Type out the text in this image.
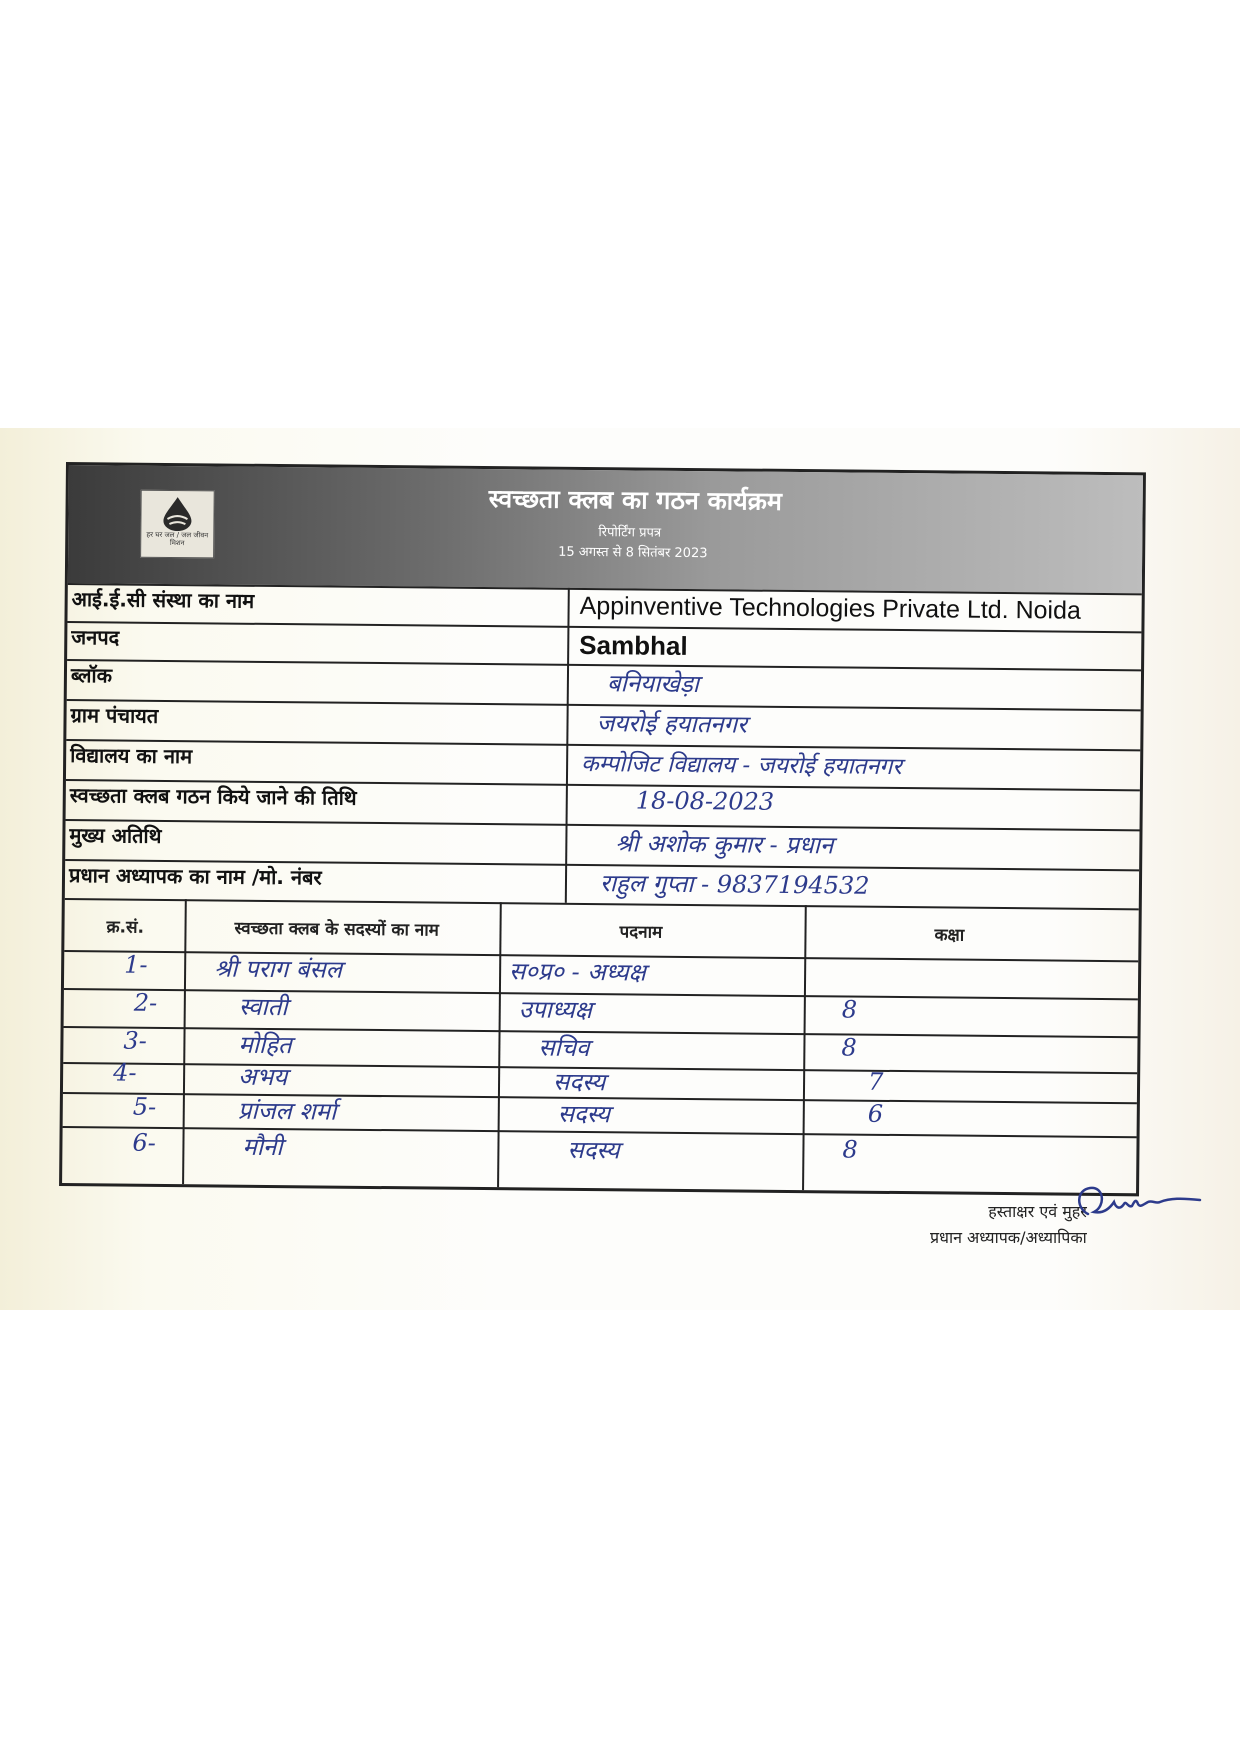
हर घर जल / जल जीवन मिशन
स्वच्छता क्लब का गठन कार्यक्रम
रिपोर्टिंग प्रपत्र
15 अगस्त से 8 सितंबर 2023
आई.ई.सी संस्था का नाम	Appinventive Technologies Private Ltd. Noida
जनपद	Sambhal
ब्लॉक	बनियाखेड़ा
ग्राम पंचायत	जयरोई हयातनगर
विद्यालय का नाम	कम्पोजिट विद्यालय - जयरोई हयातनगर
स्वच्छता क्लब गठन किये जाने की तिथि	18-08-2023
मुख्य अतिथि	श्री अशोक कुमार - प्रधान
प्रधान अध्यापक का नाम /मो. नंबर	राहुल गुप्ता - 9837194532
क्र.सं.	स्वच्छता क्लब के सदस्यों का नाम	पदनाम	कक्षा
1-	श्री पराग बंसल	स०प्र० - अध्यक्ष
2-	स्वाती	उपाध्यक्ष	8
3-	मोहित	सचिव	8
4-	अभय	सदस्य	7
5-	प्रांजल शर्मा	सदस्य	6
6-	मौनी	सदस्य	8
हस्ताक्षर एवं मुहर
प्रधान अध्यापक/अध्यापिका
